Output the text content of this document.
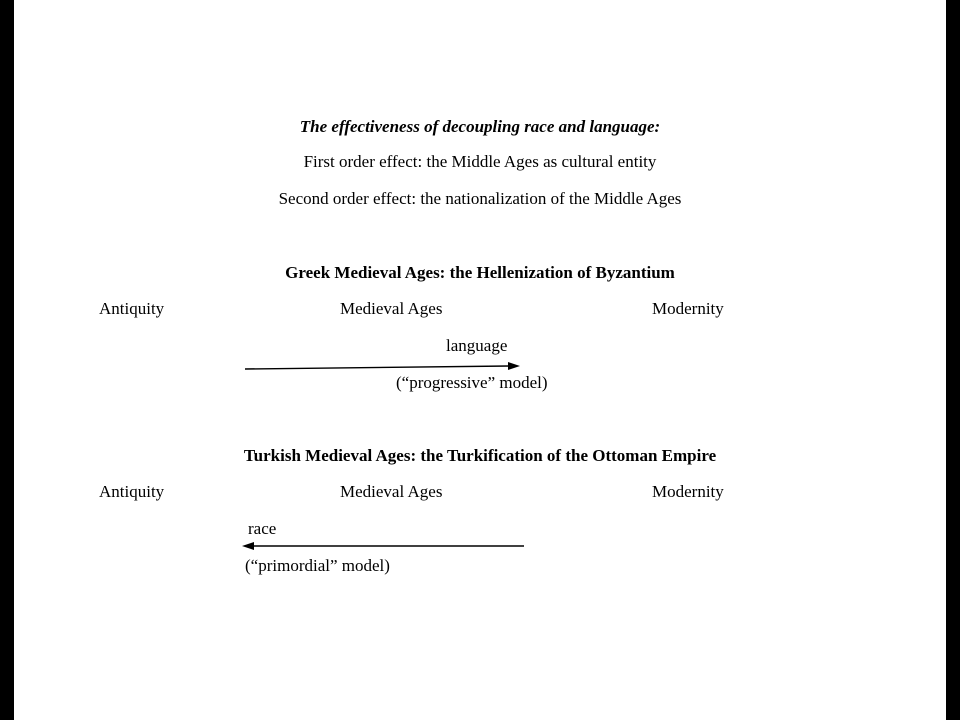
The effectiveness of decoupling race and language:
First order effect: the Middle Ages as cultural entity
Second order effect: the nationalization of the Middle Ages
Greek Medieval Ages: the Hellenization of Byzantium
Antiquity	Medieval Ages	Modernity
language
(“progressive” model)
Turkish Medieval Ages: the Turkification of the Ottoman Empire
Antiquity	Medieval Ages	Modernity
race
(“primordial” model)
